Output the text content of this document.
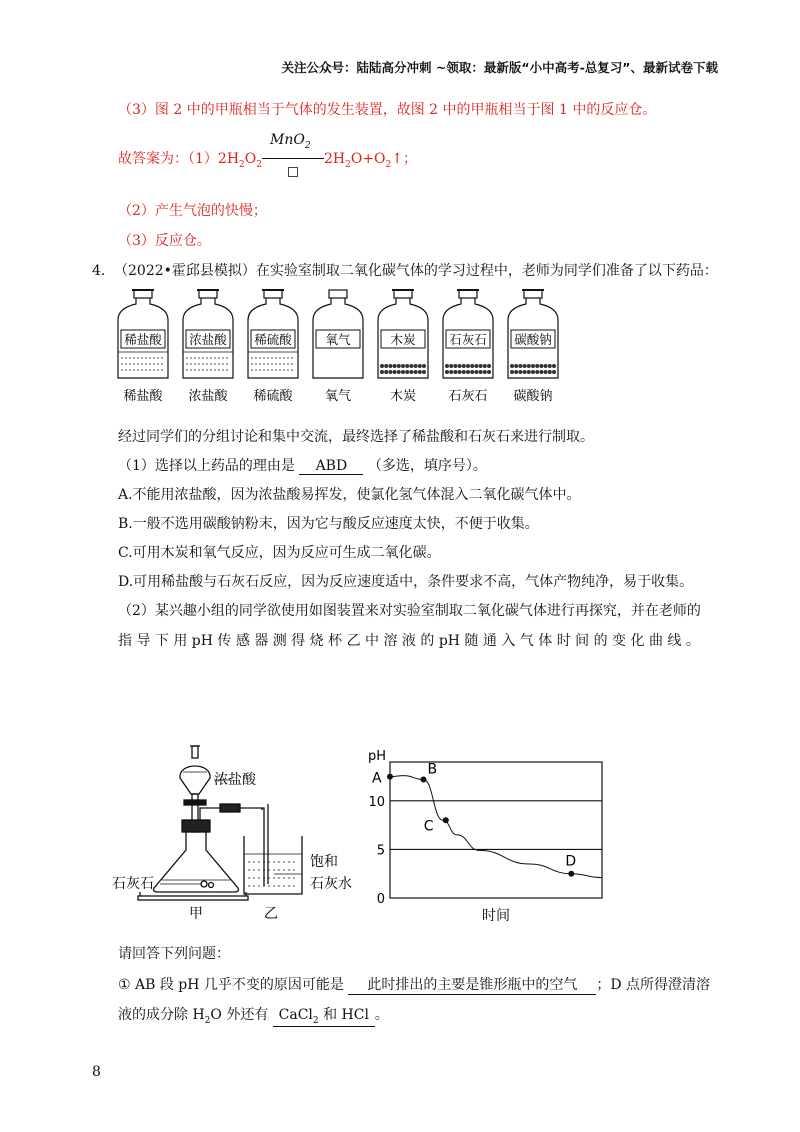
关注公众号：陆陆高分冲刺 ~领取：最新版“小中高考-总复习”、最新试卷下载
（3）图 2 中的甲瓶相当于气体的发生装置，故图 2 中的甲瓶相当于图 1 中的反应仓。
故答案为：$(1)2H_2O_2$
MnO$_2$
$2H_2O+O_2↑$；
（2）产生气泡的快慢；
（3）反应仓。
4． （2022•霍邱县模拟）在实验室制取二氧化碳气体的学习过程中，老师为同学们准备了以下药品：
稀盐酸
稀盐酸
浓盐酸
浓盐酸
稀硫酸
稀硫酸
氧气
氧气
木炭
木炭
石灰石
石灰石
碳酸钠
碳酸钠
经过同学们的分组讨论和集中交流，最终选择了稀盐酸和石灰石来进行制取。
（1）选择以上药品的理由是 ABD （多选，填序号）。
A.不能用浓盐酸，因为浓盐酸易挥发，使氯化氢气体混入二氧化碳气体中。
B.一般不选用碳酸钠粉末，因为它与酸反应速度太快，不便于收集。
C.可用木炭和氧气反应，因为反应可生成二氧化碳。
D.可用稀盐酸与石灰石反应，因为反应速度适中，条件要求不高，气体产物纯净，易于收集。
（2）某兴趣小组的同学欲使用如图装置来对实验室制取二氧化碳气体进行再探究，并在老师的
指 导 下 用 pH 传 感 器 测 得 烧 杯 乙 中 溶 液 的 pH 随 通 入 气 体 时 间 的 变 化 曲 线 。
浓盐酸
石灰石
饱和
石灰水
甲	乙
0
5
10
pH
时间
A
B
C
D
请回答下列问题：
① AB 段 pH 几乎不变的原因可能是 此时排出的主要是锥形瓶中的空气 ；D 点所得澄清溶
液的成分除 $H_2O$ 外还有 CaCl$_2$ 和 HCl 。
8
